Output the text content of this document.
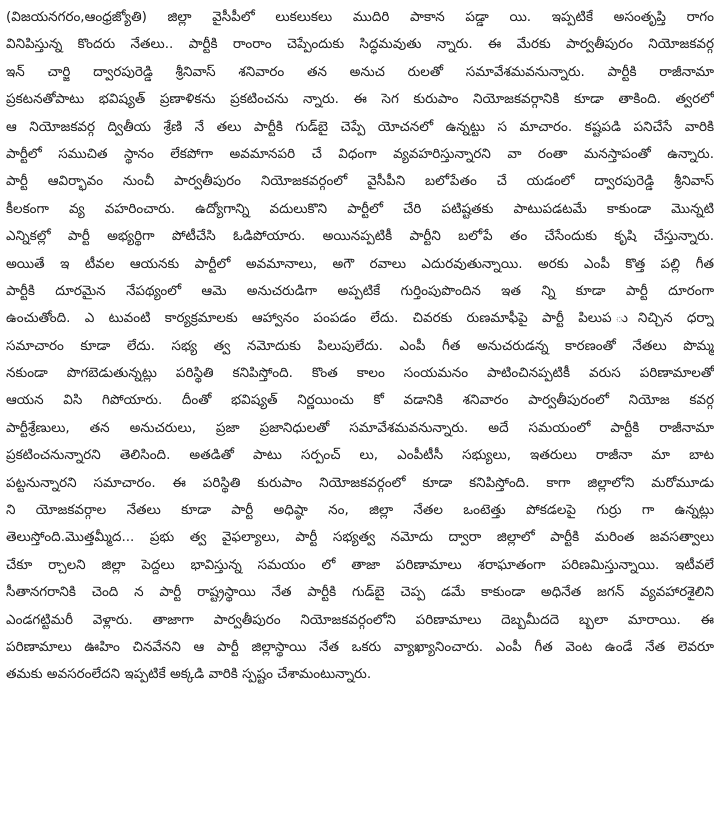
(విజయనగరం,ఆంధ్రజ్యోతి) జిల్లా వైసీపీలో లుకలుకలు ముదిరి పాకాన పడ్డా యి. ఇప్పటికే అసంతృప్తి రాగం
వినిపిస్తున్న కొందరు నేతలు.. పార్టీకి రాంరాం చెప్పేందుకు సిద్ధమవుతు న్నారు. ఈ మేరకు పార్వతీపురం నియోజకవర్గ
ఇన్ చార్జి ద్వారపురెడ్డి శ్రీనివాస్ శనివారం తన అనుచ రులతో సమావేశమవనున్నారు. పార్టీకి రాజీనామా
ప్రకటనతోపాటు భవిష్యత్ ప్రణాళికను ప్రకటించను న్నారు. ఈ సెగ కురుపాం నియోజకవర్గానికి కూడా తాకింది. త్వరలో
ఆ నియోజకవర్గ ద్వితీయ శ్రేణి నే తలు పార్టీకి గుడ్‌బై చెప్పే యోచనలో ఉన్నట్టు స మాచారం. కష్టపడి పనిచేసే వారికి
పార్టీలో సముచిత స్థానం లేకపోగా అవమానపరి చే విధంగా వ్యవహరిస్తున్నారని వా రంతా మనస్తాపంతో ఉన్నారు.
పార్టీ ఆవిర్భావం నుంచీ పార్వతీపురం నియోజకవర్గంలో వైసీపీని బలోపేతం చే యడంలో ద్వారపురెడ్డి శ్రీనివాస్
కీలకంగా వ్య వహరించారు. ఉద్యోగాన్ని వదులుకొని పార్టీలో చేరి పటిష్టతకు పాటుపడటమే కాకుండా మొన్నటి
ఎన్నికల్లో పార్టీ అభ్యర్థిగా పోటీచేసి ఓడిపోయారు. అయినప్పటికీ పార్టీని బలోపే తం చేసేందుకు కృషి చేస్తున్నారు.
అయితే ఇ టీవల ఆయనకు పార్టీలో అవమానాలు, అగౌ రవాలు ఎదురవుతున్నాయి. అరకు ఎంపీ కొత్త పల్లి గీత
పార్టీకి దూరమైన నేపథ్యంలో ఆమె అనుచరుడిగా అప్పటికే గుర్తింపుపొందిన ఇత న్ని కూడా పార్టీ దూరంగా
ఉంచుతోంది. ఎ టువంటి కార్యక్రమాలకు ఆహ్వానం పంపడం లేదు. చివరకు రుణమాఫీపై పార్టీ పిలుప ునిచ్చిన ధర్నా
సమాచారం కూడా లేదు. సభ్య త్వ నమోదుకు పిలుపులేదు. ఎంపీ గీత అనుచరుడన్న కారణంతో నేతలు పొమ్మ
నకుండా పొగబెడుతున్నట్లు పరిస్థితి కనిపిస్తోంది. కొంత కాలం సంయమనం పాటించినప్పటికీ వరుస పరిణామాలతో
ఆయన విసి గిపోయారు. దీంతో భవిష్యత్ నిర్ణయించు కో వడానికి శనివారం పార్వతీపురంలో నియోజ కవర్గ
పార్టీశ్రేణులు, తన అనుచరులు, ప్రజా ప్రజానిధులతో సమావేశమవనున్నారు. అదే సమయంలో పార్టీకి రాజీనామా
ప్రకటించనున్నారని తెలిసింది. అతడితో పాటు సర్పంచ్ లు, ఎంపీటీసీ సభ్యులు, ఇతరులు రాజీనా మా బాట
పట్టనున్నారని సమాచారం. ఈ పరిస్థితి కురుపాం నియోజకవర్గంలో కూడా కనిపిస్తోంది. కాగా జిల్లాలోని మరోమూడు
ని యోజకవర్గాల నేతలు కూడా పార్టీ అధిష్ఠా నం, జిల్లా నేతల ఒంటెత్తు పోకడలపై గుర్రు గా ఉన్నట్లు
తెలుస్తోంది.మొత్తమ్మీద... ప్రభు త్వ వైఫల్యాలు, పార్టీ సభ్యత్వ నమోదు ద్వారా జిల్లాలో పార్టీకి మరింత జవసత్వాలు
చేకూ ర్చాలని జిల్లా పెద్దలు భావిస్తున్న సమయం లో తాజా పరిణామాలు శరాఘాతంగా పరిణమిస్తున్నాయి. ఇటీవలే
సీతానగరానికి చెంది న పార్టీ రాష్ట్రస్థాయి నేత పార్టీకి గుడ్‌బై చెప్ప డమే కాకుండా అధినేత జగన్ వ్యవహారశైలిని
ఎండగట్టిమరీ వెళ్లారు. తాజాగా పార్వతీపురం నియోజకవర్గంలోని పరిణామాలు దెబ్బమీదదె బ్బలా మారాయి. ఈ
పరిణామాలు ఊహిం చినవేనని ఆ పార్టీ జిల్లాస్థాయి నేత ఒకరు వ్యాఖ్యానించారు. ఎంపీ గీత వెంట ఉండే నేత లెవరూ
తమకు అవసరంలేదని ఇప్పటికే అక్కడి వారికి స్పష్టం చేశామంటున్నారు.
